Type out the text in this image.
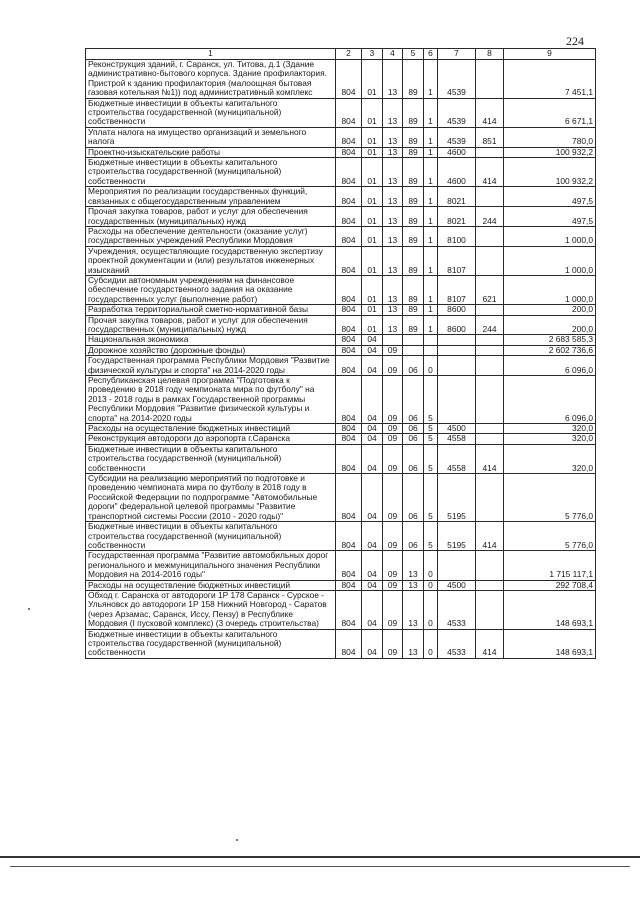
224
1	2	3	4	5	6	7	8	9
Реконструкция зданий, г. Саранск, ул. Титова, д.1 (Здание административно-бытового корпуса. Здание профилактория. Пристрой к зданию профилактория (малоощная бытовая газовая котельная №1)) под административный комплекс	804	01	13	89	1	4539		7 451,1
Бюджетные инвестиции в объекты капитального строительства государственной (муниципальной) собственности	804	01	13	89	1	4539	414	6 671,1
Уплата налога на имущество организаций и земельного налога	804	01	13	89	1	4539	851	780,0
Проектно-изыскательские работы	804	01	13	89	1	4600		100 932,2
Бюджетные инвестиции в объекты капитального строительства государственной (муниципальной) собственности	804	01	13	89	1	4600	414	100 932,2
Мероприятия по реализации государственных функций, связанных с общегосударственным управлением	804	01	13	89	1	8021		497,5
Прочая закупка товаров, работ и услуг для обеспечения государственных (муниципальных) нужд	804	01	13	89	1	8021	244	497,5
Расходы на обеспечение деятельности (оказание услуг) государственных учреждений Республики Мордовия	804	01	13	89	1	8100		1 000,0
Учреждения, осуществляющие государственную экспертизу проектной документации и (или) результатов инженерных изысканий	804	01	13	89	1	8107		1 000,0
Субсидии автономным учреждениям на финансовое обеспечение государственного задания на оказание государственных услуг (выполнение работ)	804	01	13	89	1	8107	621	1 000,0
Разработка территориальной сметно-нормативной базы	804	01	13	89	1	8600		200,0
Прочая закупка товаров, работ и услуг для обеспечения государственных (муниципальных) нужд	804	01	13	89	1	8600	244	200,0
Национальная экономика	804	04						2 683 585,3
Дорожное хозяйство (дорожные фонды)	804	04	09					2 602 736,6
Государственная программа Республики Мордовия "Развитие физической культуры и спорта" на 2014-2020 годы	804	04	09	06	0			6 096,0
Республиканская целевая программа "Подготовка к проведению в 2018 году чемпионата мира по футболу" на 2013 - 2018 годы в рамках Государственной программы Республики Мордовия "Развитие физической культуры и спорта" на 2014-2020 годы	804	04	09	06	5			6 096,0
Расходы на осуществление бюджетных инвестиций	804	04	09	06	5	4500		320,0
Реконструкция автодороги до аэропорта г.Саранска	804	04	09	06	5	4558		320,0
Бюджетные инвестиции в объекты капитального строительства государственной (муниципальной) собственности	804	04	09	06	5	4558	414	320,0
Субсидии на реализацию мероприятий по подготовке и проведению чемпионата мира по футболу в 2018 году в Российской Федерации по подпрограмме "Автомобильные дороги" федеральной целевой программы "Развитие транспортной системы России (2010 - 2020 годы)"	804	04	09	06	5	5195		5 776,0
Бюджетные инвестиции в объекты капитального строительства государственной (муниципальной) собственности	804	04	09	06	5	5195	414	5 776,0
Государственная программа "Развитие автомобильных дорог регионального и межмуниципального значения Республики Мордовия на 2014-2016 годы"	804	04	09	13	0			1 715 117,1
Расходы на осуществление бюджетных инвестиций	804	04	09	13	0	4500		292 708,4
Обход г. Саранска от автодороги 1Р 178 Саранск - Сурское - Ульяновск до автодороги 1Р 158 Нижний Новгород - Саратов (через Арзамас, Саранск, Исcу, Пензу) в Республике Мордовия (I пусковой комплекс) (3 очередь строительства)	804	04	09	13	0	4533		148 693,1
Бюджетные инвестиции в объекты капитального строительства государственной (муниципальной) собственности	804	04	09	13	0	4533	414	148 693,1
